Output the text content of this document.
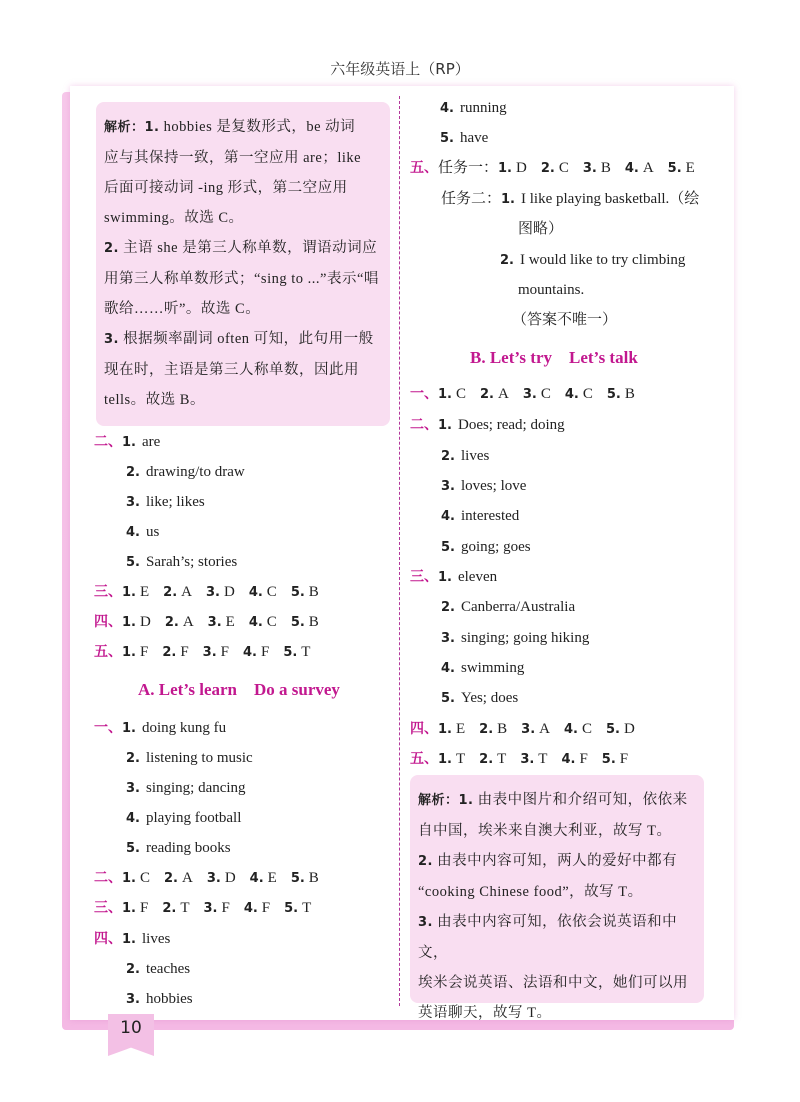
六年级英语上（RP）
解析：1. hobbies 是复数形式，be 动词
应与其保持一致，第一空应用 are；like
后面可接动词 -ing 形式，第二空应用
swimming。故选 C。
2. 主语 she 是第三人称单数，谓语动词应
用第三人称单数形式；“sing to ...”表示“唱
歌给……听”。故选 C。
3. 根据频率副词 often 可知，此句用一般
现在时，主语是第三人称单数，因此用
tells。故选 B。
二、1. are
2. drawing/to draw
3. like; likes
4. us
5. Sarah’s; stories
三、1. E 2. A 3. D 4. C 5. B
四、1. D 2. A 3. E 4. C 5. B
五、1. F 2. F 3. F 4. F 5. T
A. Let’s learn    Do a survey
一、1. doing kung fu
2. listening to music
3. singing; dancing
4. playing football
5. reading books
二、1. C 2. A 3. D 4. E 5. B
三、1. F 2. T 3. F 4. F 5. T
四、1. lives
2. teaches
3. hobbies
4. running
5. have
五、任务一：1. D 2. C 3. B 4. A 5. E
任务二：1. I like playing basketball.（绘
图略）
2. I would like to try climbing
mountains.
（答案不唯一）
B. Let’s try    Let’s talk
一、1. C 2. A 3. C 4. C 5. B
二、1. Does; read; doing
2. lives
3. loves; love
4. interested
5. going; goes
三、1. eleven
2. Canberra/Australia
3. singing; going hiking
4. swimming
5. Yes; does
四、1. E 2. B 3. A 4. C 5. D
五、1. T 2. T 3. T 4. F 5. F
解析：1. 由表中图片和介绍可知，依依来
自中国，埃米来自澳大利亚，故写 T。
2. 由表中内容可知，两人的爱好中都有
“cooking Chinese food”，故写 T。
3. 由表中内容可知，依依会说英语和中文，
埃米会说英语、法语和中文，她们可以用
英语聊天，故写 T。
10
